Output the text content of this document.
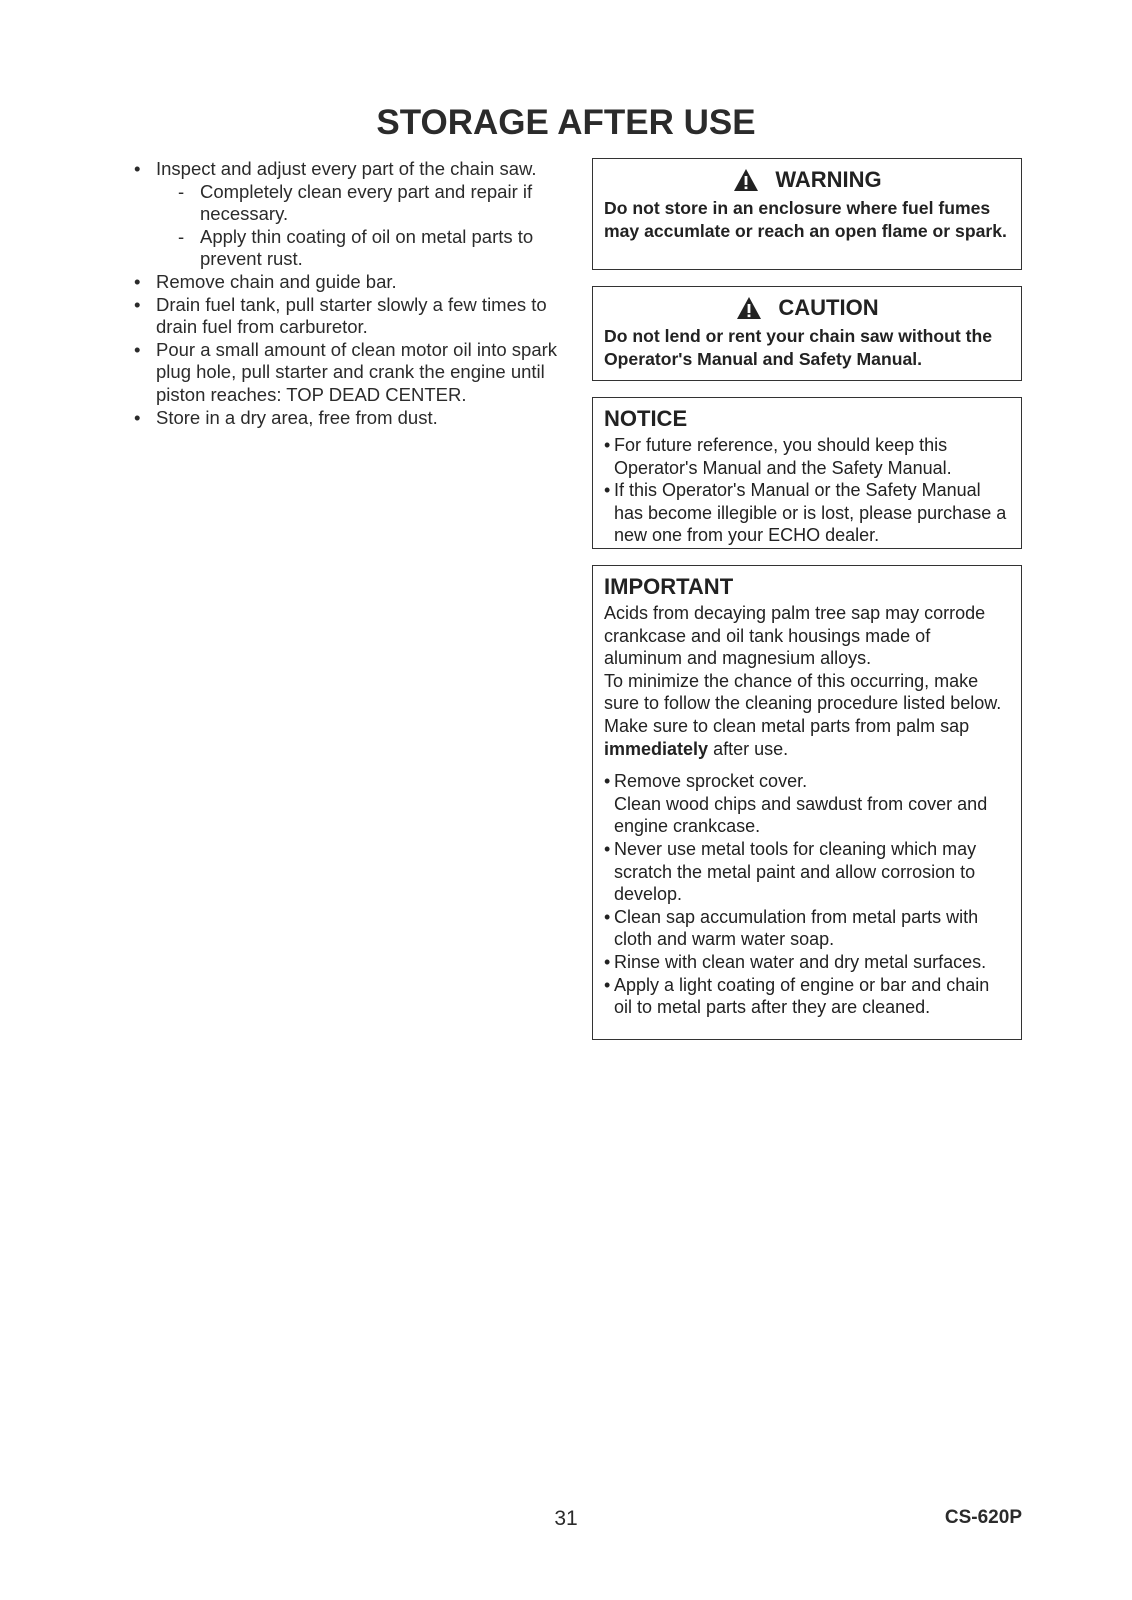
STORAGE AFTER USE
• Inspect and adjust every part of the chain saw.
- Completely clean every part and repair if necessary.
- Apply thin coating of oil on metal parts to prevent rust.
• Remove chain and guide bar.
• Drain fuel tank, pull starter slowly a few times to drain fuel from carburetor.
• Pour a small amount of clean motor oil into spark plug hole, pull starter and crank the engine until piston reaches: TOP DEAD CENTER.
• Store in a dry area, free from dust.
WARNING
Do not store in an enclosure where fuel fumes may accumlate or reach an open flame or spark.
CAUTION
Do not lend or rent your chain saw without the Operator's Manual and Safety Manual.
NOTICE
• For future reference, you should keep this Operator's Manual and the Safety Manual.
• If this Operator's Manual or the Safety Manual has become illegible or is lost, please purchase a new one from your ECHO dealer.
IMPORTANT
Acids from decaying palm tree sap may corrode crankcase and oil tank housings made of aluminum and magnesium alloys.
To minimize the chance of this occurring, make sure to follow the cleaning procedure listed below.
Make sure to clean metal parts from palm sap immediately after use.
• Remove sprocket cover.
Clean wood chips and sawdust from cover and engine crankcase.
• Never use metal tools for cleaning which may scratch the metal paint and allow corrosion to develop.
• Clean sap accumulation from metal parts with cloth and warm water soap.
• Rinse with clean water and dry metal surfaces.
• Apply a light coating of engine or bar and chain oil to metal parts after they are cleaned.
31	CS-620P
